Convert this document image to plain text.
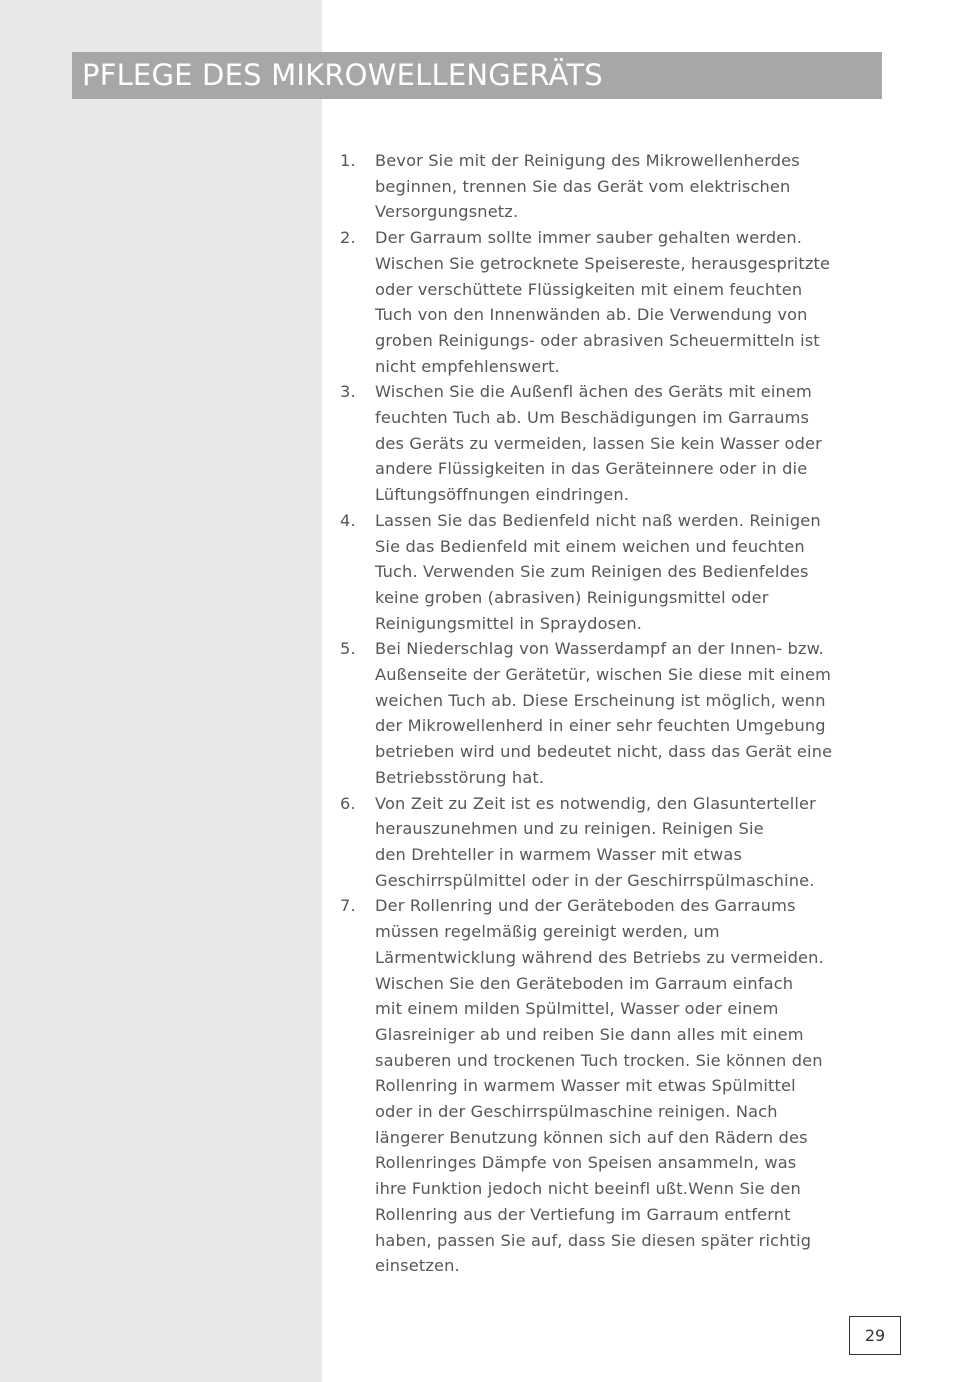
PFLEGE DES MIKROWELLENGERÄTS
1.	Bevor Sie mit der Reinigung des Mikrowellenherdes
beginnen, trennen Sie das Gerät vom elektrischen
Versorgungsnetz.
2.	Der Garraum sollte immer sauber gehalten werden.
Wischen Sie getrocknete Speisereste, herausgespritzte
oder verschüttete Flüssigkeiten mit einem feuchten
Tuch von den Innenwänden ab. Die Verwendung von
groben Reinigungs- oder abrasiven Scheuermitteln ist
nicht empfehlenswert.
3.	Wischen Sie die Außenfl ächen des Geräts mit einem
feuchten Tuch ab. Um Beschädigungen im Garraums
des Geräts zu vermeiden, lassen Sie kein Wasser oder
andere Flüssigkeiten in das Geräteinnere oder in die
Lüftungsöffnungen eindringen.
4.	Lassen Sie das Bedienfeld nicht naß werden. Reinigen
Sie das Bedienfeld mit einem weichen und feuchten
Tuch. Verwenden Sie zum Reinigen des Bedienfeldes
keine groben (abrasiven) Reinigungsmittel oder
Reinigungsmittel in Spraydosen.
5.	Bei Niederschlag von Wasserdampf an der Innen- bzw.
Außenseite der Gerätetür, wischen Sie diese mit einem
weichen Tuch ab. Diese Erscheinung ist möglich, wenn
der Mikrowellenherd in einer sehr feuchten Umgebung
betrieben wird und bedeutet nicht, dass das Gerät eine
Betriebsstörung hat.
6.	Von Zeit zu Zeit ist es notwendig, den Glasunterteller
herauszunehmen und zu reinigen. Reinigen Sie
den Drehteller in warmem Wasser mit etwas
Geschirrspülmittel oder in der Geschirrspülmaschine.
7.	Der Rollenring und der Geräteboden des Garraums
müssen regelmäßig gereinigt werden, um
Lärmentwicklung während des Betriebs zu vermeiden.
Wischen Sie den Geräteboden im Garraum einfach
mit einem milden Spülmittel, Wasser oder einem
Glasreiniger ab und reiben Sie dann alles mit einem
sauberen und trockenen Tuch trocken. Sie können den
Rollenring in warmem Wasser mit etwas Spülmittel
oder in der Geschirrspülmaschine reinigen. Nach
längerer Benutzung können sich auf den Rädern des
Rollenringes Dämpfe von Speisen ansammeln, was
ihre Funktion jedoch nicht beeinfl ußt.Wenn Sie den
Rollenring aus der Vertiefung im Garraum entfernt
haben, passen Sie auf, dass Sie diesen später richtig
einsetzen.
29
